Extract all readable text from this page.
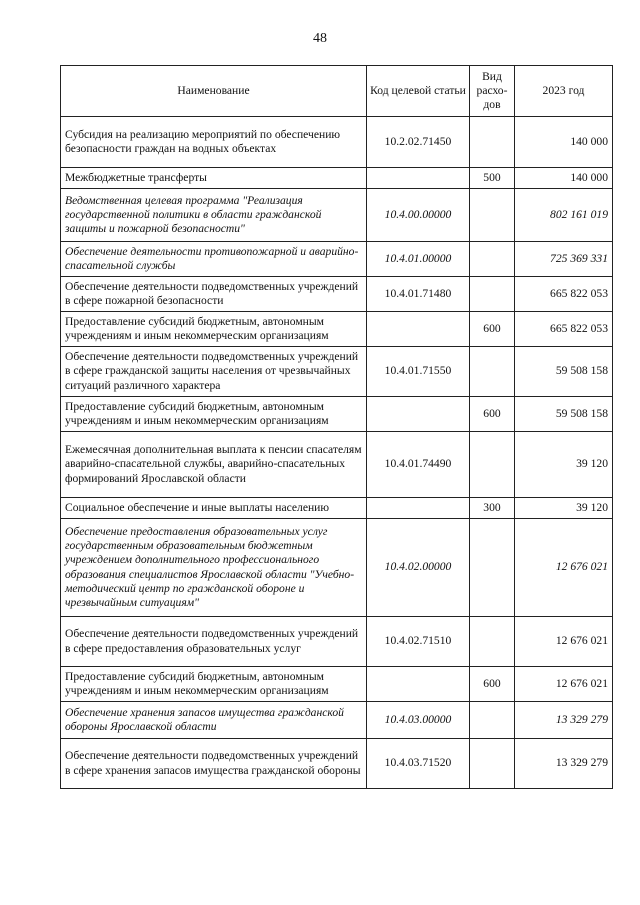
48
Наименование	Код целевой статьи	Вид расхо-дов	2023 год
Субсидия на реализацию мероприятий по обеспечению безопасности граждан на водных объектах	10.2.02.71450		140 000
Межбюджетные трансферты		500	140 000
Ведомственная целевая программа "Реализация государственной политики в области гражданской защиты и пожарной безопасности"	10.4.00.00000		802 161 019
Обеспечение деятельности противопожарной и аварийно-спасательной службы	10.4.01.00000		725 369 331
Обеспечение деятельности подведомственных учреждений в сфере пожарной безопасности	10.4.01.71480		665 822 053
Предоставление субсидий бюджетным, автономным учреждениям и иным некоммерческим организациям		600	665 822 053
Обеспечение деятельности подведомственных учреждений в сфере гражданской защиты населения от чрезвычайных ситуаций различного характера	10.4.01.71550		59 508 158
Предоставление субсидий бюджетным, автономным учреждениям и иным некоммерческим организациям		600	59 508 158
Ежемесячная дополнительная выплата к пенсии спасателям аварийно-спасательной службы, аварийно-спасательных формирований Ярославской области	10.4.01.74490		39 120
Социальное обеспечение и иные выплаты населению		300	39 120
Обеспечение предоставления образовательных услуг государственным образовательным бюджетным учреждением дополнительного профессионального образования специалистов Ярославской области "Учебно-методический центр по гражданской обороне и чрезвычайным ситуациям"	10.4.02.00000		12 676 021
Обеспечение деятельности подведомственных учреждений в сфере предоставления образовательных услуг	10.4.02.71510		12 676 021
Предоставление субсидий бюджетным, автономным учреждениям и иным некоммерческим организациям		600	12 676 021
Обеспечение хранения запасов имущества гражданской обороны Ярославской области	10.4.03.00000		13 329 279
Обеспечение деятельности подведомственных учреждений в сфере хранения запасов имущества гражданской обороны	10.4.03.71520		13 329 279
